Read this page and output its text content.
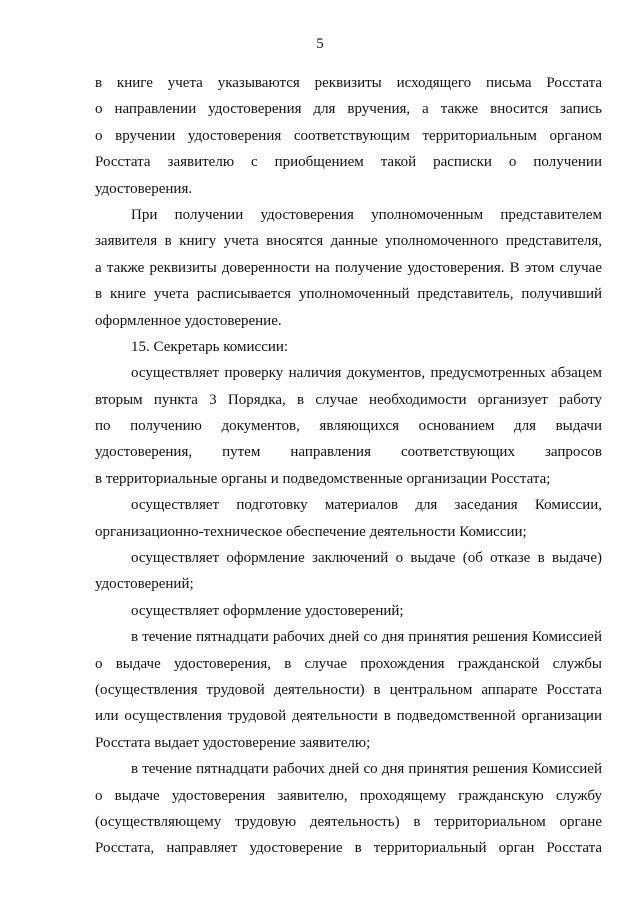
5
в книге учета указываются реквизиты исходящего письма Росстата
о направлении удостоверения для вручения, а также вносится запись
о вручении удостоверения соответствующим территориальным органом
Росстата заявителю с приобщением такой расписки о получении
удостоверения.
При получении удостоверения уполномоченным представителем
заявителя в книгу учета вносятся данные уполномоченного представителя,
а также реквизиты доверенности на получение удостоверения. В этом случае
в книге учета расписывается уполномоченный представитель, получивший
оформленное удостоверение.
15. Секретарь комиссии:
осуществляет проверку наличия документов, предусмотренных абзацем
вторым пункта 3 Порядка, в случае необходимости организует работу
по получению документов, являющихся основанием для выдачи
удостоверения, путем направления соответствующих запросов
в территориальные органы и подведомственные организации Росстата;
осуществляет подготовку материалов для заседания Комиссии,
организационно-техническое обеспечение деятельности Комиссии;
осуществляет оформление заключений о выдаче (об отказе в выдаче)
удостоверений;
осуществляет оформление удостоверений;
в течение пятнадцати рабочих дней со дня принятия решения Комиссией
о выдаче удостоверения, в случае прохождения гражданской службы
(осуществления трудовой деятельности) в центральном аппарате Росстата
или осуществления трудовой деятельности в подведомственной организации
Росстата выдает удостоверение заявителю;
в течение пятнадцати рабочих дней со дня принятия решения Комиссией
о выдаче удостоверения заявителю, проходящему гражданскую службу
(осуществляющему трудовую деятельность) в территориальном органе
Росстата, направляет удостоверение в территориальный орган Росстата
